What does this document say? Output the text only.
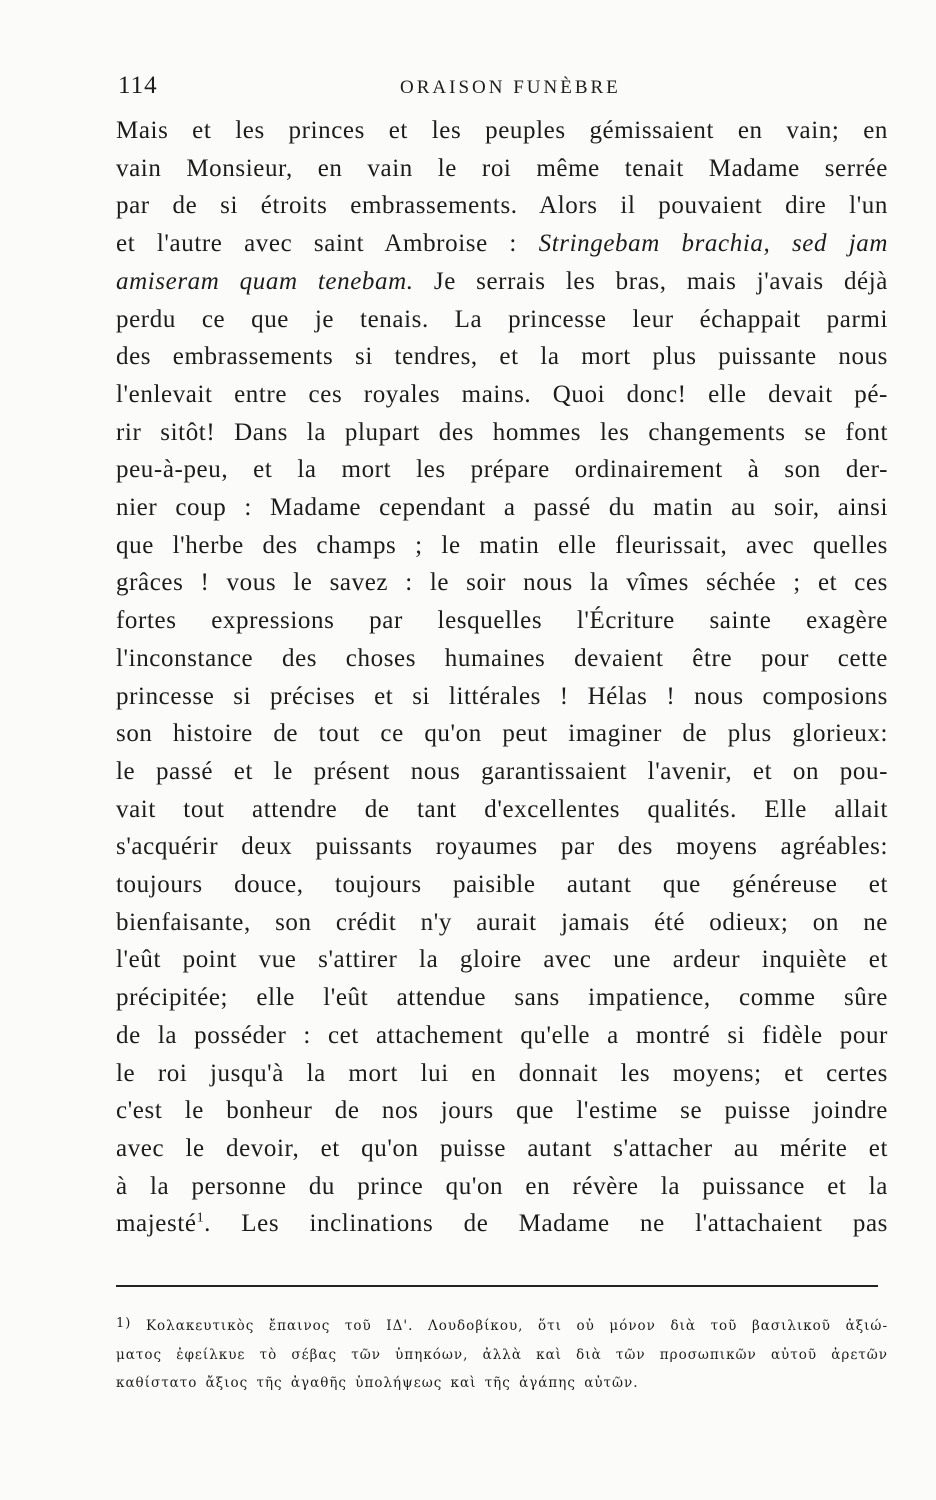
114	ORAISON FUNÈBRE
Mais et les princes et les peuples gémissaient en vain; en
vain Monsieur, en vain le roi même tenait Madame serrée
par de si étroits embrassements. Alors il pouvaient dire l'un
et l'autre avec saint Ambroise : Stringebam brachia, sed jam
amiseram quam tenebam. Je serrais les bras, mais j'avais déjà
perdu ce que je tenais. La princesse leur échappait parmi
des embrassements si tendres, et la mort plus puissante nous
l'enlevait entre ces royales mains. Quoi donc! elle devait pé-
rir sitôt! Dans la plupart des hommes les changements se font
peu-à-peu, et la mort les prépare ordinairement à son der-
nier coup : Madame cependant a passé du matin au soir, ainsi
que l'herbe des champs ; le matin elle fleurissait, avec quelles
grâces ! vous le savez : le soir nous la vîmes séchée ; et ces
fortes expressions par lesquelles l'Écriture sainte exagère
l'inconstance des choses humaines devaient être pour cette
princesse si précises et si littérales ! Hélas ! nous composions
son histoire de tout ce qu'on peut imaginer de plus glorieux:
le passé et le présent nous garantissaient l'avenir, et on pou-
vait tout attendre de tant d'excellentes qualités. Elle allait
s'acquérir deux puissants royaumes par des moyens agréables:
toujours douce, toujours paisible autant que généreuse et
bienfaisante, son crédit n'y aurait jamais été odieux; on ne
l'eût point vue s'attirer la gloire avec une ardeur inquiète et
précipitée; elle l'eût attendue sans impatience, comme sûre
de la posséder : cet attachement qu'elle a montré si fidèle pour
le roi jusqu'à la mort lui en donnait les moyens; et certes
c'est le bonheur de nos jours que l'estime se puisse joindre
avec le devoir, et qu'on puisse autant s'attacher au mérite et
à la personne du prince qu'on en révère la puissance et la
majesté$^1$. Les inclinations de Madame ne l'attachaient pas
1) Κολακευτικὸς ἔπαινος τοῦ ΙΔ'. Λουδοβίκου, ὅτι οὐ μόνον διὰ τοῦ βασιλικοῦ ἀξιώ-
ματος ἐφείλκυε τὸ σέβας τῶν ὑπηκόων, ἀλλὰ καὶ διὰ τῶν προσωπικῶν αὐτοῦ ἀρετῶν
καθίστατο ἄξιος τῆς ἀγαθῆς ὑπολήψεως καὶ τῆς ἀγάπης αὐτῶν.
